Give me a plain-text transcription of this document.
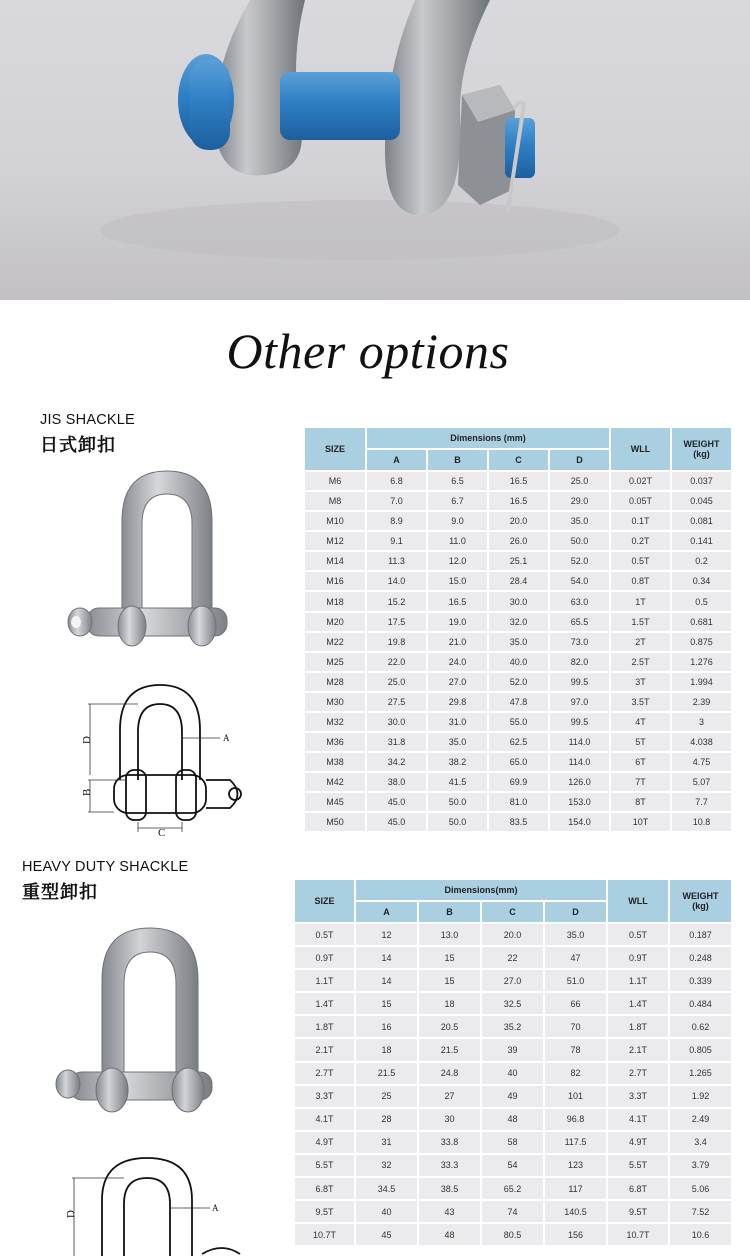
Other options
JIS SHACKLE
日式卸扣
D
B
A
C
SIZE	Dimensions (mm)				WLL	WEIGHT
(kg)
	A	B	C	D		
M6	6.8	6.5	16.5	25.0	0.02T	0.037
M8	7.0	6.7	16.5	29.0	0.05T	0.045
M10	8.9	9.0	20.0	35.0	0.1T	0.081
M12	9.1	11.0	26.0	50.0	0.2T	0.141
M14	11.3	12.0	25.1	52.0	0.5T	0.2
M16	14.0	15.0	28.4	54.0	0.8T	0.34
M18	15.2	16.5	30.0	63.0	1T	0.5
M20	17.5	19.0	32.0	65.5	1.5T	0.681
M22	19.8	21.0	35.0	73.0	2T	0.875
M25	22.0	24.0	40.0	82.0	2.5T	1.276
M28	25.0	27.0	52.0	99.5	3T	1.994
M30	27.5	29.8	47.8	97.0	3.5T	2.39
M32	30.0	31.0	55.0	99.5	4T	3
M36	31.8	35.0	62.5	114.0	5T	4.038
M38	34.2	38.2	65.0	114.0	6T	4.75
M42	38.0	41.5	69.9	126.0	7T	5.07
M45	45.0	50.0	81.0	153.0	8T	7.7
M50	45.0	50.0	83.5	154.0	10T	10.8
HEAVY DUTY SHACKLE
重型卸扣
D
A
SIZE	Dimensions(mm)				WLL	WEIGHT
(kg)
	A	B	C	D		
0.5T	12	13.0	20.0	35.0	0.5T	0.187
0.9T	14	15	22	47	0.9T	0.248
1.1T	14	15	27.0	51.0	1.1T	0.339
1.4T	15	18	32.5	66	1.4T	0.484
1.8T	16	20.5	35.2	70	1.8T	0.62
2.1T	18	21.5	39	78	2.1T	0.805
2.7T	21.5	24.8	40	82	2.7T	1.265
3.3T	25	27	49	101	3.3T	1.92
4.1T	28	30	48	96.8	4.1T	2.49
4.9T	31	33.8	58	117.5	4.9T	3.4
5.5T	32	33.3	54	123	5.5T	3.79
6.8T	34.5	38.5	65.2	117	6.8T	5.06
9.5T	40	43	74	140.5	9.5T	7.52
10.7T	45	48	80.5	156	10.7T	10.6
